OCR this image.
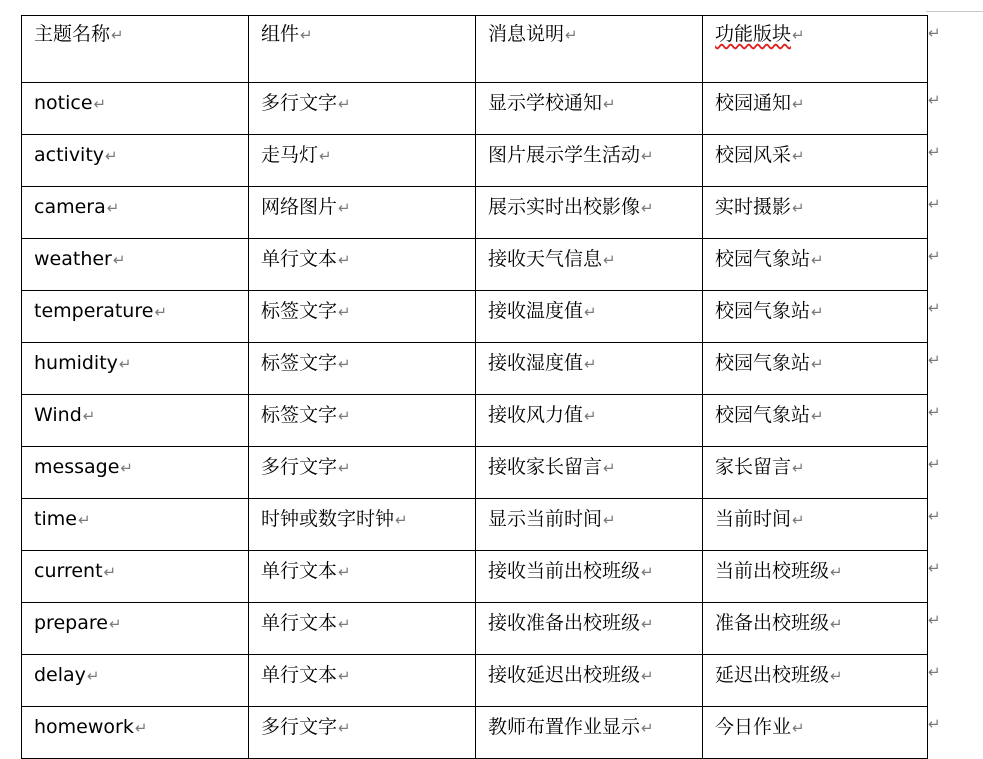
主题名称↵	组件↵	消息说明↵	功能版块↵
notice↵	多行文字↵	显示学校通知↵	校园通知↵
activity↵	走马灯↵	图片展示学生活动↵	校园风采↵
camera↵	网络图片↵	展示实时出校影像↵	实时摄影↵
weather↵	单行文本↵	接收天气信息↵	校园气象站↵
temperature↵	标签文字↵	接收温度值↵	校园气象站↵
humidity↵	标签文字↵	接收湿度值↵	校园气象站↵
Wind↵	标签文字↵	接收风力值↵	校园气象站↵
message↵	多行文字↵	接收家长留言↵	家长留言↵
time↵	时钟或数字时钟↵	显示当前时间↵	当前时间↵
current↵	单行文本↵	接收当前出校班级↵	当前出校班级↵
prepare↵	单行文本↵	接收准备出校班级↵	准备出校班级↵
delay↵	单行文本↵	接收延迟出校班级↵	延迟出校班级↵
homework↵	多行文字↵	教师布置作业显示↵	今日作业↵
↵
↵
↵
↵
↵
↵
↵
↵
↵
↵
↵
↵
↵
↵
